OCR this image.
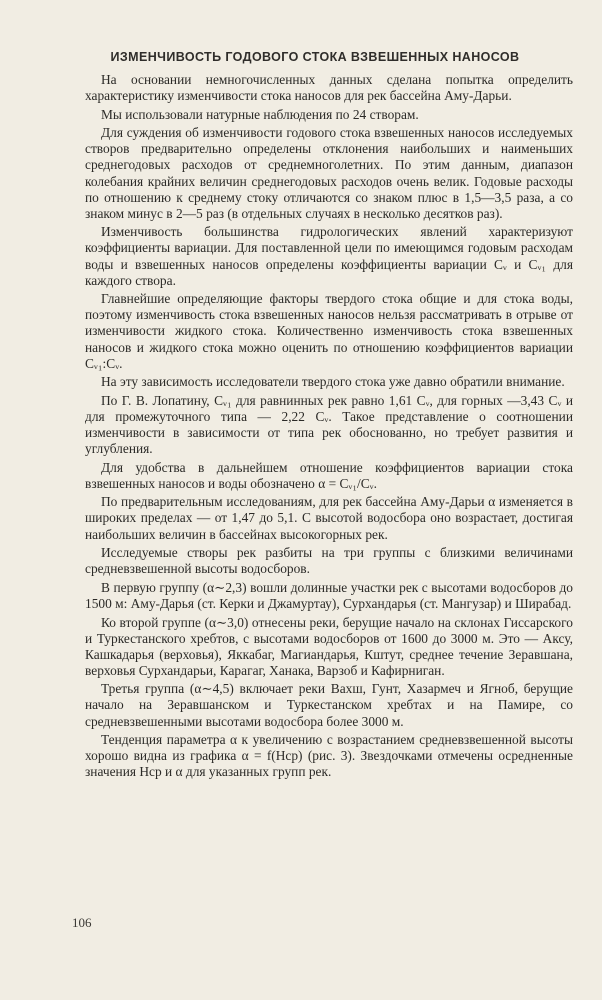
ИЗМЕНЧИВОСТЬ ГОДОВОГО СТОКА ВЗВЕШЕННЫХ НАНОСОВ

На основании немногочисленных данных сделана попытка определить характеристику изменчивости стока наносов для рек бассейна Аму-Дарьи.

Мы использовали натурные наблюдения по 24 створам.

Для суждения об изменчивости годового стока взвешенных наносов исследуемых створов предварительно определены отклонения наибольших и наименьших среднегодовых расходов от среднемноголетних. По этим данным, диапазон колебания крайних величин среднегодовых расходов очень велик. Годовые расходы по отношению к среднему стоку отличаются со знаком плюс в 1,5—3,5 раза, а со знаком минус в 2—5 раз (в отдельных случаях в несколько десятков раз).

Изменчивость большинства гидрологических явлений характеризуют коэффициенты вариации. Для поставленной цели по имеющимся годовым расходам воды и взвешенных наносов определены коэффициенты вариации Cᵥ и Cᵥ₁ для каждого створа.

Главнейшие определяющие факторы твердого стока общие и для стока воды, поэтому изменчивость стока взвешенных наносов нельзя рассматривать в отрыве от изменчивости жидкого стока. Количественно изменчивость стока взвешенных наносов и жидкого стока можно оценить по отношению коэффициентов вариации Cᵥ₁:Cᵥ.

На эту зависимость исследователи твердого стока уже давно обратили внимание.

По Г. В. Лопатину, Cᵥ₁ для равнинных рек равно 1,61 Cᵥ, для горных —3,43 Cᵥ и для промежуточного типа — 2,22 Cᵥ. Такое представление о соотношении изменчивости в зависимости от типа рек обоснованно, но требует развития и углубления.

Для удобства в дальнейшем отношение коэффициентов вариации стока взвешенных наносов и воды обозначено α = Cᵥ₁/Cᵥ.

По предварительным исследованиям, для рек бассейна Аму-Дарьи α изменяется в широких пределах — от 1,47 до 5,1. С высотой водосбора оно возрастает, достигая наибольших величин в бассейнах высокогорных рек.

Исследуемые створы рек разбиты на три группы с близкими величинами средневзвешенной высоты водосборов.

В первую группу (α∼2,3) вошли долинные участки рек с высотами водосборов до 1500 м: Аму-Дарья (ст. Керки и Джамуртау), Сурхандарья (ст. Мангузар) и Ширабад.

Ко второй группе (α∼3,0) отнесены реки, берущие начало на склонах Гиссарского и Туркестанского хребтов, с высотами водосборов от 1600 до 3000 м. Это — Аксу, Кашкадарья (верховья), Яккабаг, Магиандарья, Кштут, среднее течение Зеравшана, верховья Сурхандарьи, Карагаг, Ханака, Варзоб и Кафирниган.

Третья группа (α∼4,5) включает реки Вахш, Гунт, Хазармеч и Ягноб, берущие начало на Зеравшанском и Туркестанском хребтах и на Памире, со средневзвешенными высотами водосбора более 3000 м.

Тенденция параметра α к увеличению с возрастанием средневзвешенной высоты хорошо видна из графика α = f(Hср) (рис. 3). Звездочками отмечены осредненные значения Hср и α для указанных групп рек.

106
